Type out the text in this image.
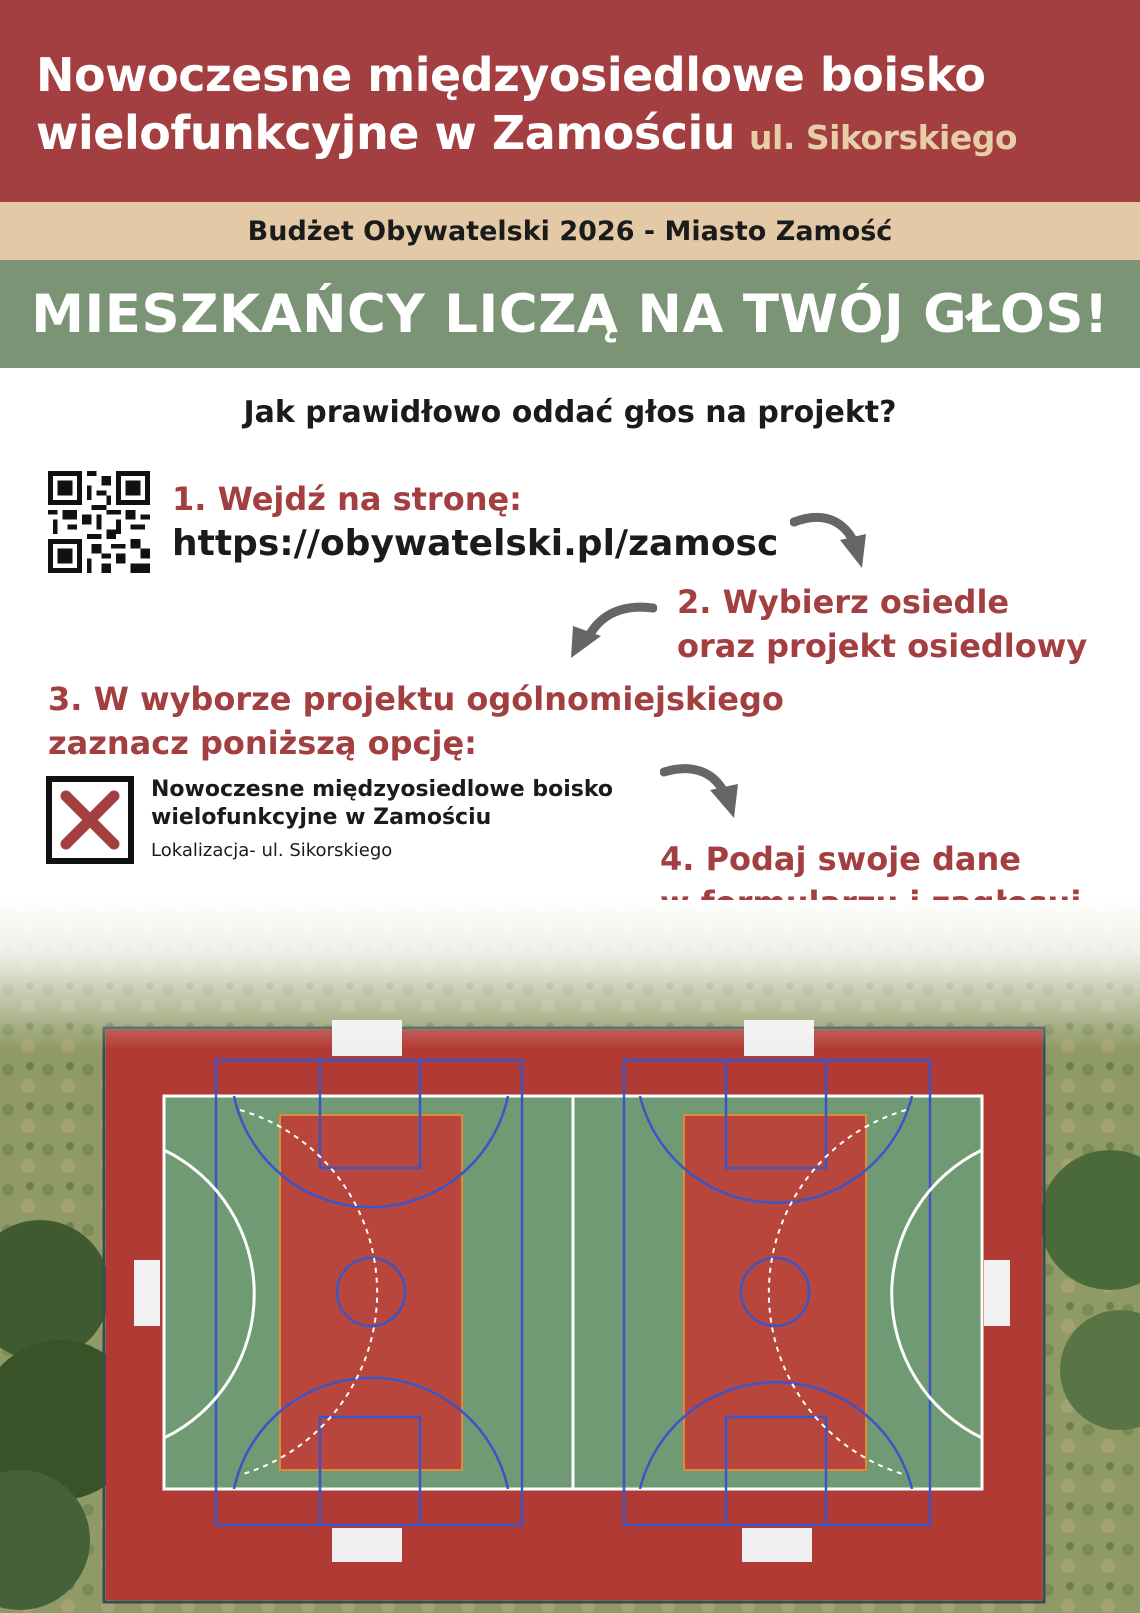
Nowoczesne międzyosiedlowe boisko
wielofunkcyjne w Zamościu ul. Sikorskiego
Budżet Obywatelski 2026 - Miasto Zamość
MIESZKAŃCY LICZĄ NA TWÓJ GŁOS!
Jak prawidłowo oddać głos na projekt?
1. Wejdź na stronę:
https://obywatelski.pl/zamosc
2. Wybierz osiedle
oraz projekt osiedlowy
3. W wyborze projektu ogólnomiejskiego
zaznacz poniższą opcję:
Nowoczesne międzyosiedlowe boisko
wielofunkcyjne w Zamościu
Lokalizacja- ul. Sikorskiego	4. Podaj swoje dane
